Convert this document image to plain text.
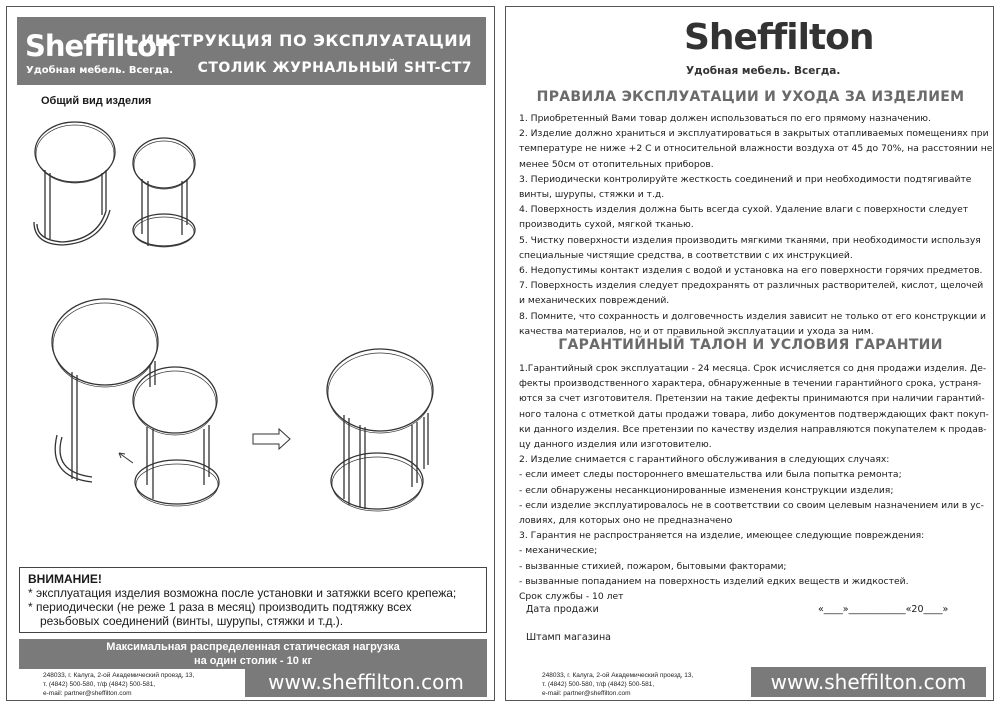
Sheffilton
Удобная мебель. Всегда.
ИНСТРУКЦИЯ ПО ЭКСПЛУАТАЦИИ
СТОЛИК ЖУРНАЛЬНЫЙ SHT-CT7
Общий вид изделия
ВНИМАНИЕ!
* эксплуатация изделия возможна после установки и затяжки всего крепежа;
* периодически (не реже 1 раза в месяц) производить подтяжку всех
резьбовых соединений (винты, шурупы, стяжки и т.д.).
Максимальная распределенная статическая нагрузка
на один столик - 10 кг
248033, г. Калуга, 2-ой Академический проезд, 13,
т. (4842) 500-580, т/ф (4842) 500-581,
e-mail: partner@sheffilton.com	www.sheffilton.com
Sheffilton
Удобная мебель. Всегда.
ПРАВИЛА ЭКСПЛУАТАЦИИ И УХОДА ЗА ИЗДЕЛИЕМ
1. Приобретенный Вами товар должен использоваться по его прямому назначению.
2. Изделие должно храниться и эксплуатироваться в закрытых отапливаемых помещениях при
температуре не ниже +2 С и относительной влажности воздуха от 45 до 70%, на расстоянии не
менее 50см от отопительных приборов.
3. Периодически контролируйте жесткость соединений и при необходимости подтягивайте
винты, шурупы, стяжки и т.д.
4. Поверхность изделия должна быть всегда сухой. Удаление влаги с поверхности следует
производить сухой, мягкой тканью.
5. Чистку поверхности изделия производить мягкими тканями, при необходимости используя
специальные чистящие средства, в соответствии с их инструкцией.
6. Недопустимы контакт изделия с водой и установка на его поверхности горячих предметов.
7. Поверхность изделия следует предохранять от различных растворителей, кислот, щелочей
и механических повреждений.
8. Помните, что сохранность и долговечность изделия зависит не только от его конструкции и
качества материалов, но и от правильной эксплуатации и ухода за ним.
ГАРАНТИЙНЫЙ ТАЛОН И УСЛОВИЯ ГАРАНТИИ
1.Гарантийный срок эксплуатации - 24 месяца. Срок исчисляется со дня продажи изделия. Де-
фекты производственного характера, обнаруженные в течении гарантийного срока, устраня-
ются за счет изготовителя. Претензии на такие дефекты принимаются при наличии гарантий-
ного талона с отметкой даты продажи товара, либо документов подтверждающих факт покуп-
ки данного изделия. Все претензии по качеству изделия направляются покупателем к продав-
цу данного изделия или изготовителю.
2. Изделие снимается с гарантийного обслуживания в следующих случаях:
- если имеет следы постороннего вмешательства или была попытка ремонта;
- если обнаружены несанкционированные изменения конструкции изделия;
- если изделие эксплуатировалось не в соответствии со своим целевым назначением или в ус-
ловиях, для которых оно не предназначено
3. Гарантия не распространяется на изделие, имеющее следующие повреждения:
- механические;
- вызванные стихией, пожаром, бытовыми факторами;
- вызванные попаданием на поверхность изделий едких веществ и жидкостей.
Срок службы - 10 лет
Дата продажи	«____»____________«20____»
Штамп магазина
248033, г. Калуга, 2-ой Академический проезд, 13,
т. (4842) 500-580, т/ф (4842) 500-581,
e-mail: partner@sheffilton.com	www.sheffilton.com
